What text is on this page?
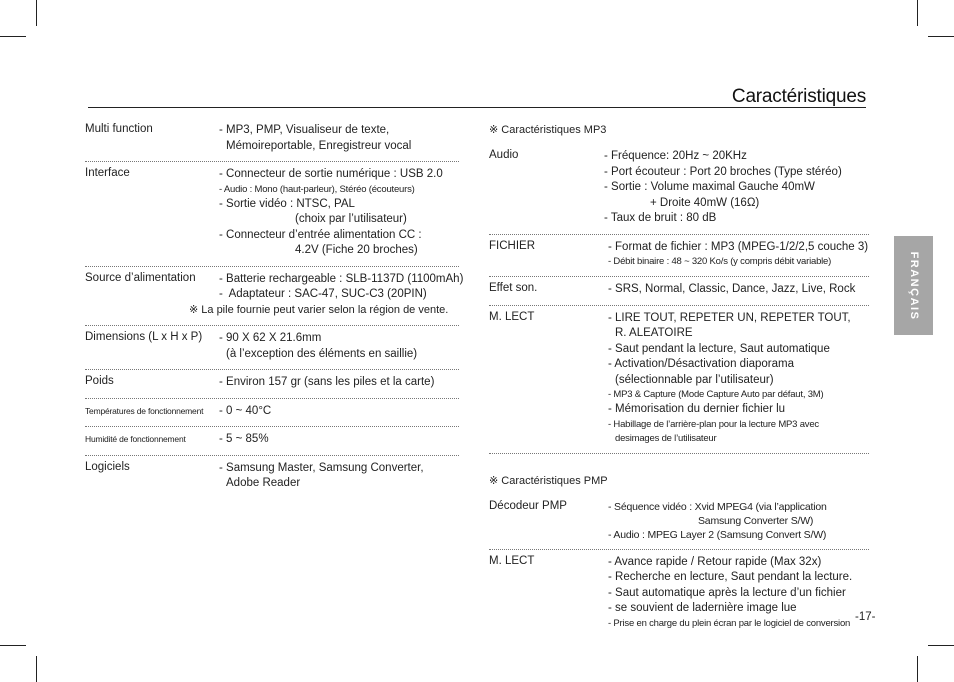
Caractéristiques
Multi function	- MP3, PMP, Visualiseur de texte,
Mémoireportable, Enregistreur vocal
Interface	- Connecteur de sortie numérique : USB 2.0
- Audio : Mono (haut-parleur), Stéréo (écouteurs)
- Sortie vidéo : NTSC, PAL
(choix par l’utilisateur)
- Connecteur d’entrée alimentation CC :
4.2V (Fiche 20 broches)
Source d’alimentation - Batterie rechargeable : SLB-1137D (1100mAh)
-  Adaptateur : SAC-47, SUC-C3 (20PIN)
※ La pile fournie peut varier selon la région de vente.
Dimensions (L x H x P) - 90 X 62 X 21.6mm
(à l’exception des éléments en saillie)
Poids	- Environ 157 gr (sans les piles et la carte)
Températures de fonctionnement - 0 ~ 40°C
Humidité de fonctionnement	- 5 ~ 85%
Logiciels	- Samsung Master, Samsung Converter,
Adobe Reader
※ Caractéristiques MP3
Audio	- Fréquence: 20Hz ~ 20KHz
- Port écouteur : Port 20 broches (Type stéréo)
- Sortie : Volume maximal Gauche 40mW
+ Droite 40mW (16Ω)
- Taux de bruit : 80 dB
FICHIER	- Format de fichier : MP3 (MPEG-1/2/2,5 couche 3)
- Débit binaire : 48 ~ 320 Ko/s (y compris débit variable)
Effet son.	- SRS, Normal, Classic, Dance, Jazz, Live, Rock
M. LECT	- LIRE TOUT, REPETER UN, REPETER TOUT,
R. ALEATOIRE
- Saut pendant la lecture, Saut automatique
- Activation/Désactivation diaporama
(sélectionnable par l’utilisateur)
- MP3 & Capture (Mode Capture Auto par défaut, 3M)
- Mémorisation du dernier fichier lu
- Habillage de l’arrière-plan pour la lecture MP3 avec
desimages de l’utilisateur
※ Caractéristiques PMP
Décodeur PMP	- Séquence vidéo : Xvid MPEG4 (via l’application
Samsung Converter S/W)
- Audio : MPEG Layer 2 (Samsung Convert S/W)
M. LECT	- Avance rapide / Retour rapide (Max 32x)
- Recherche en lecture, Saut pendant la lecture.
- Saut automatique après la lecture d’un fichier
- se souvient de ladernière image lue
- Prise en charge du plein écran par le logiciel de conversion
FRANÇAIS
-17-
